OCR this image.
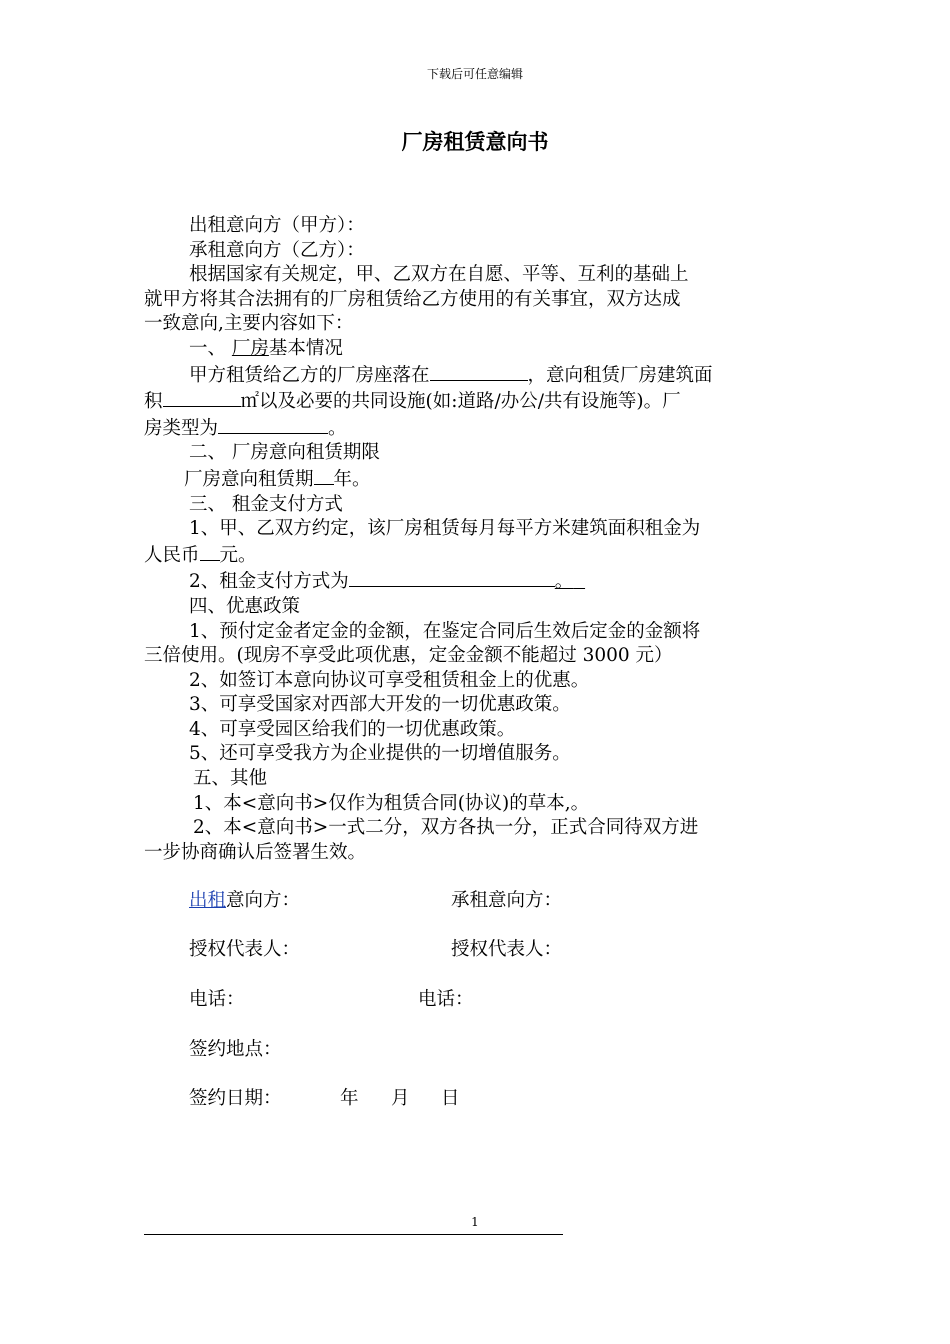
下载后可任意编辑
厂房租赁意向书

出租意向方（甲方）：

承租意向方（乙方）：

根据国家有关规定，甲、乙双方在自愿、平等、互利的基础上

就甲方将其合法拥有的厂房租赁给乙方使用的有关事宜，双方达成

一致意向,主要内容如下：

一、 厂房基本情况

甲方租赁给乙方的厂房座落在	，意向租赁厂房建筑面

积	㎡以及必要的共同设施(如:道路/办公/共有设施等)。厂

房类型为	。

二、 厂房意向租赁期限

厂房意向租赁期 年。

三、 租金支付方式

1、甲、乙双方约定，该厂房租赁每月每平方米建筑面积租金为

人民币 元。

2、租金支付方式为	。

四、优惠政策

1、预付定金者定金的金额，在鉴定合同后生效后定金的金额将

三倍使用。(现房不享受此项优惠，定金金额不能超过 3000 元）

2、如签订本意向协议可享受租赁租金上的优惠。

3、可享受国家对西部大开发的一切优惠政策。

4、可享受园区给我们的一切优惠政策。

5、还可享受我方为企业提供的一切增值服务。

五、其他

1、本<意向书>仅作为租赁合同(协议)的草本,。

2、本<意向书>一式二分，双方各执一分，正式合同待双方进

一步协商确认后签署生效。

出租意向方：	承租意向方：
授权代表人：	授权代表人：
电话：	电话：
签约地点：
签约日期：	年 月 日
1
